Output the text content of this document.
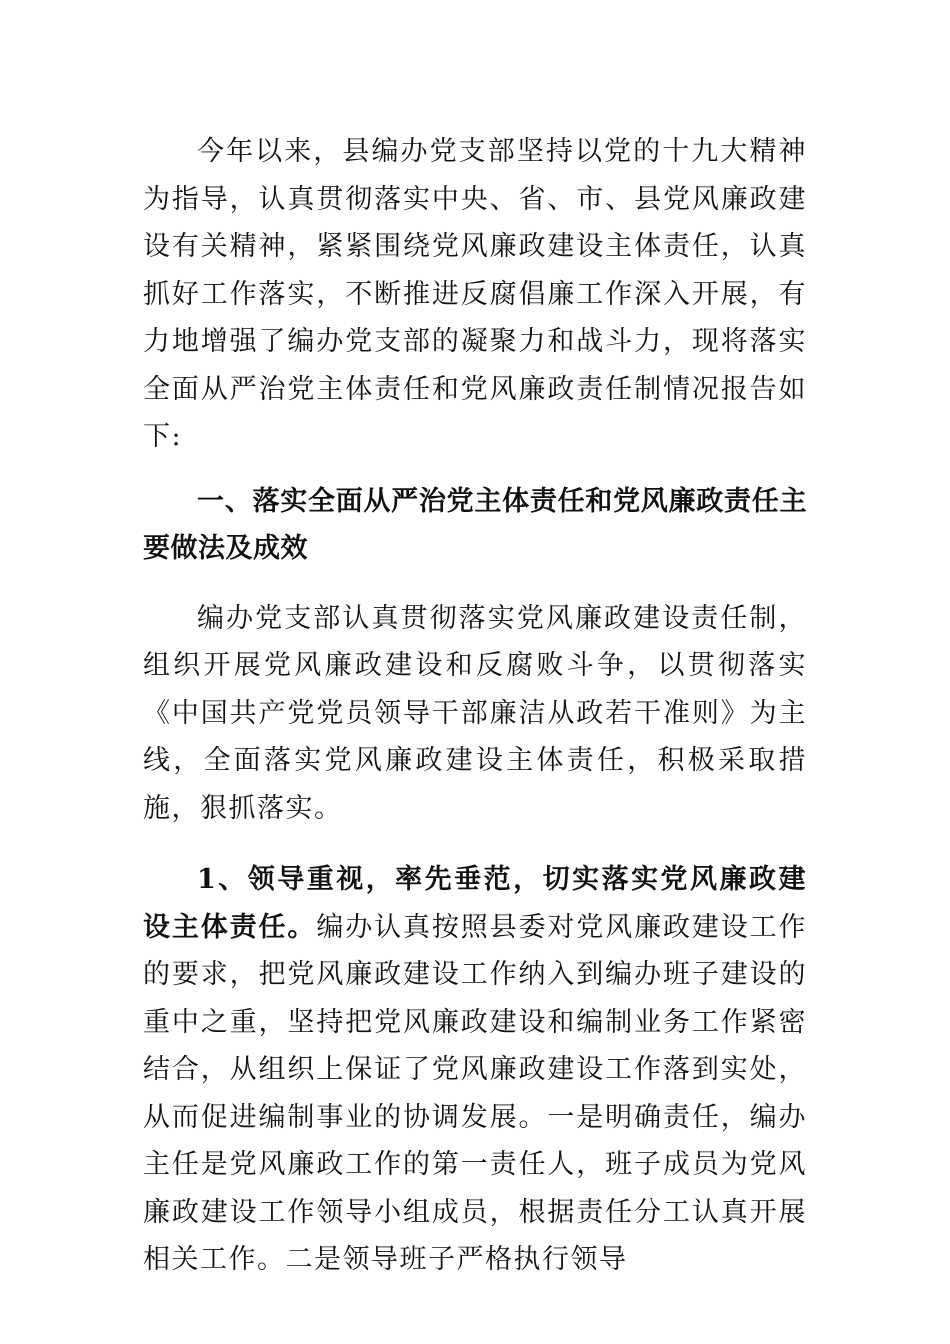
今年以来，县编办党支部坚持以党的十九大精神为指导，认真贯彻落实中央、省、市、县党风廉政建设有关精神，紧紧围绕党风廉政建设主体责任，认真抓好工作落实，不断推进反腐倡廉工作深入开展，有力地增强了编办党支部的凝聚力和战斗力，现将落实全面从严治党主体责任和党风廉政责任制情况报告如下:

一、落实全面从严治党主体责任和党风廉政责任主要做法及成效

编办党支部认真贯彻落实党风廉政建设责任制，组织开展党风廉政建设和反腐败斗争，以贯彻落实《中国共产党党员领导干部廉洁从政若干准则》为主线，全面落实党风廉政建设主体责任，积极采取措施，狠抓落实。

1、领导重视，率先垂范，切实落实党风廉政建设主体责任。编办认真按照县委对党风廉政建设工作的要求，把党风廉政建设工作纳入到编办班子建设的重中之重，坚持把党风廉政建设和编制业务工作紧密结合，从组织上保证了党风廉政建设工作落到实处，从而促进编制事业的协调发展。一是明确责任，编办主任是党风廉政工作的第一责任人，班子成员为党风廉政建设工作领导小组成员，根据责任分工认真开展相关工作。二是领导班子严格执行领导
